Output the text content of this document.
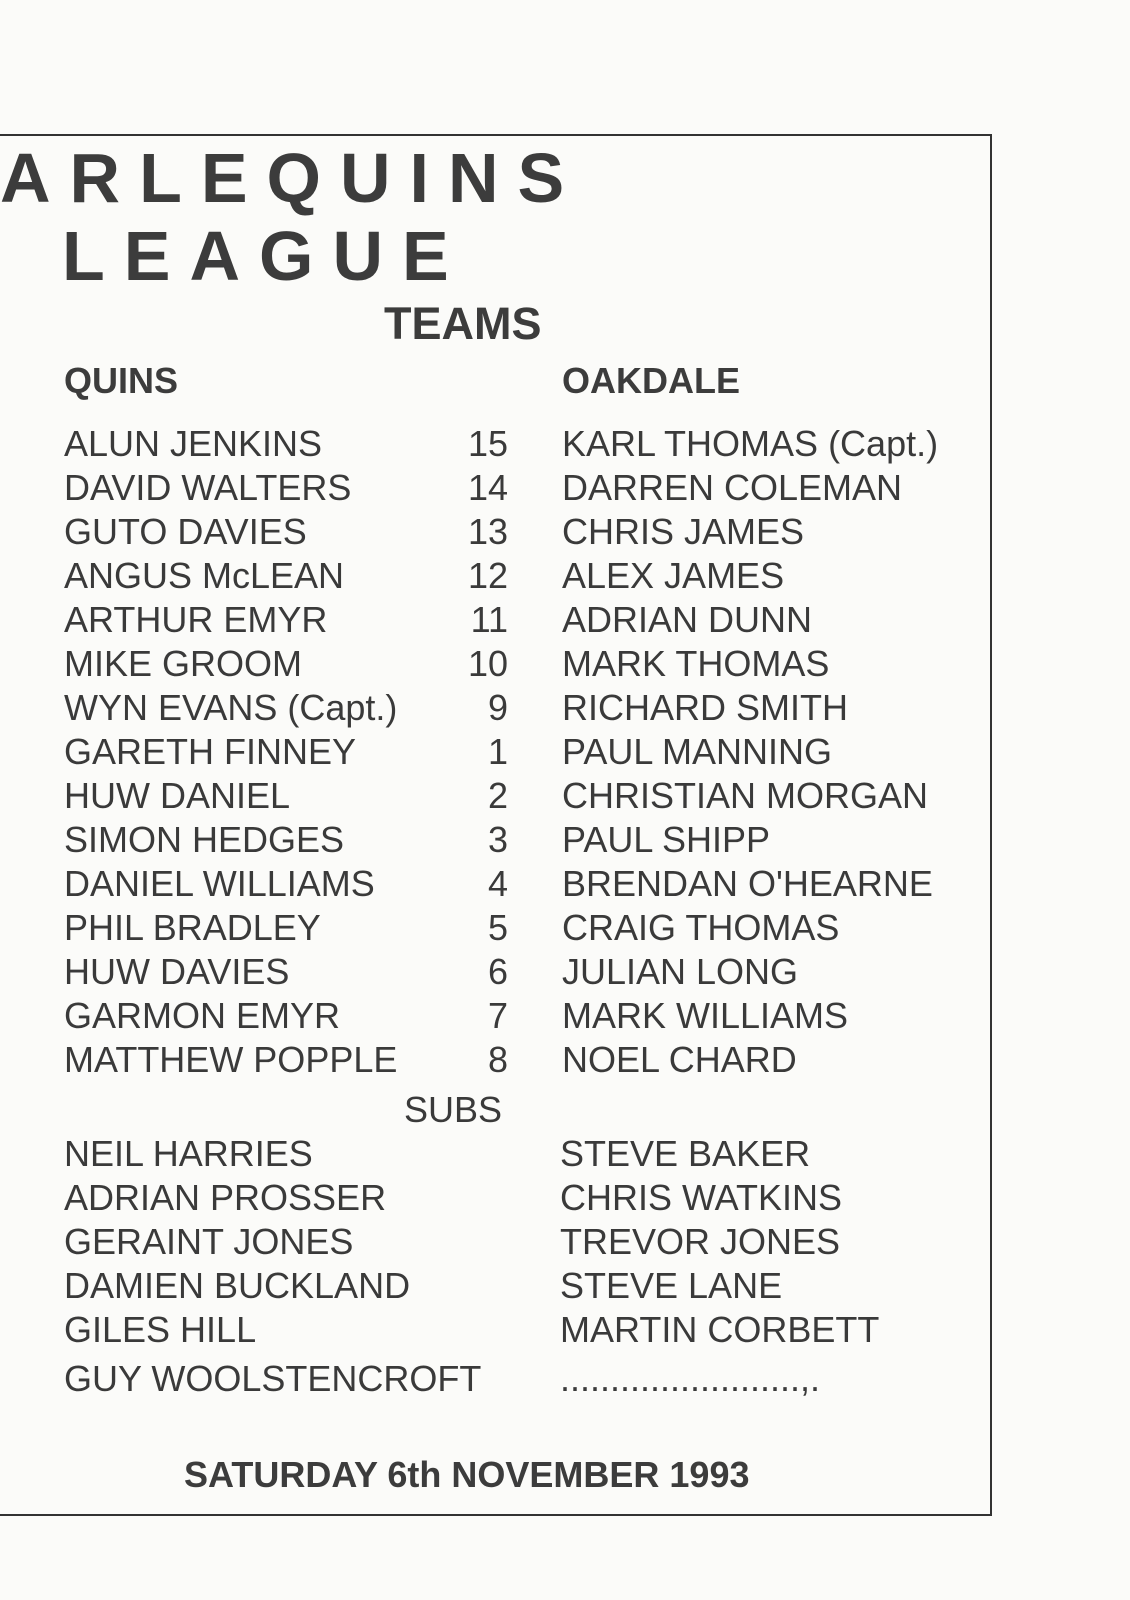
ARLEQUINS
LEAGUE
TEAMS
QUINS	OAKDALE
ALUN JENKINS	15 KARL THOMAS (Capt.)
DAVID WALTERS	14 DARREN COLEMAN
GUTO DAVIES	13 CHRIS JAMES
ANGUS McLEAN	12 ALEX JAMES
ARTHUR EMYR	11 ADRIAN DUNN
MIKE GROOM	10 MARK THOMAS
WYN EVANS (Capt.)	9 RICHARD SMITH
GARETH FINNEY	1 PAUL MANNING
HUW DANIEL	2 CHRISTIAN MORGAN
SIMON HEDGES	3 PAUL SHIPP
DANIEL WILLIAMS	4 BRENDAN O'HEARNE
PHIL BRADLEY	5 CRAIG THOMAS
HUW DAVIES	6 JULIAN LONG
GARMON EMYR	7 MARK WILLIAMS
MATTHEW POPPLE	8 NOEL CHARD
SUBS
NEIL HARRIES	STEVE BAKER
ADRIAN PROSSER	CHRIS WATKINS
GERAINT JONES	TREVOR JONES
DAMIEN BUCKLAND	STEVE LANE
GILES HILL	MARTIN CORBETT
GUY WOOLSTENCROFT ........................,.
SATURDAY 6th NOVEMBER 1993
